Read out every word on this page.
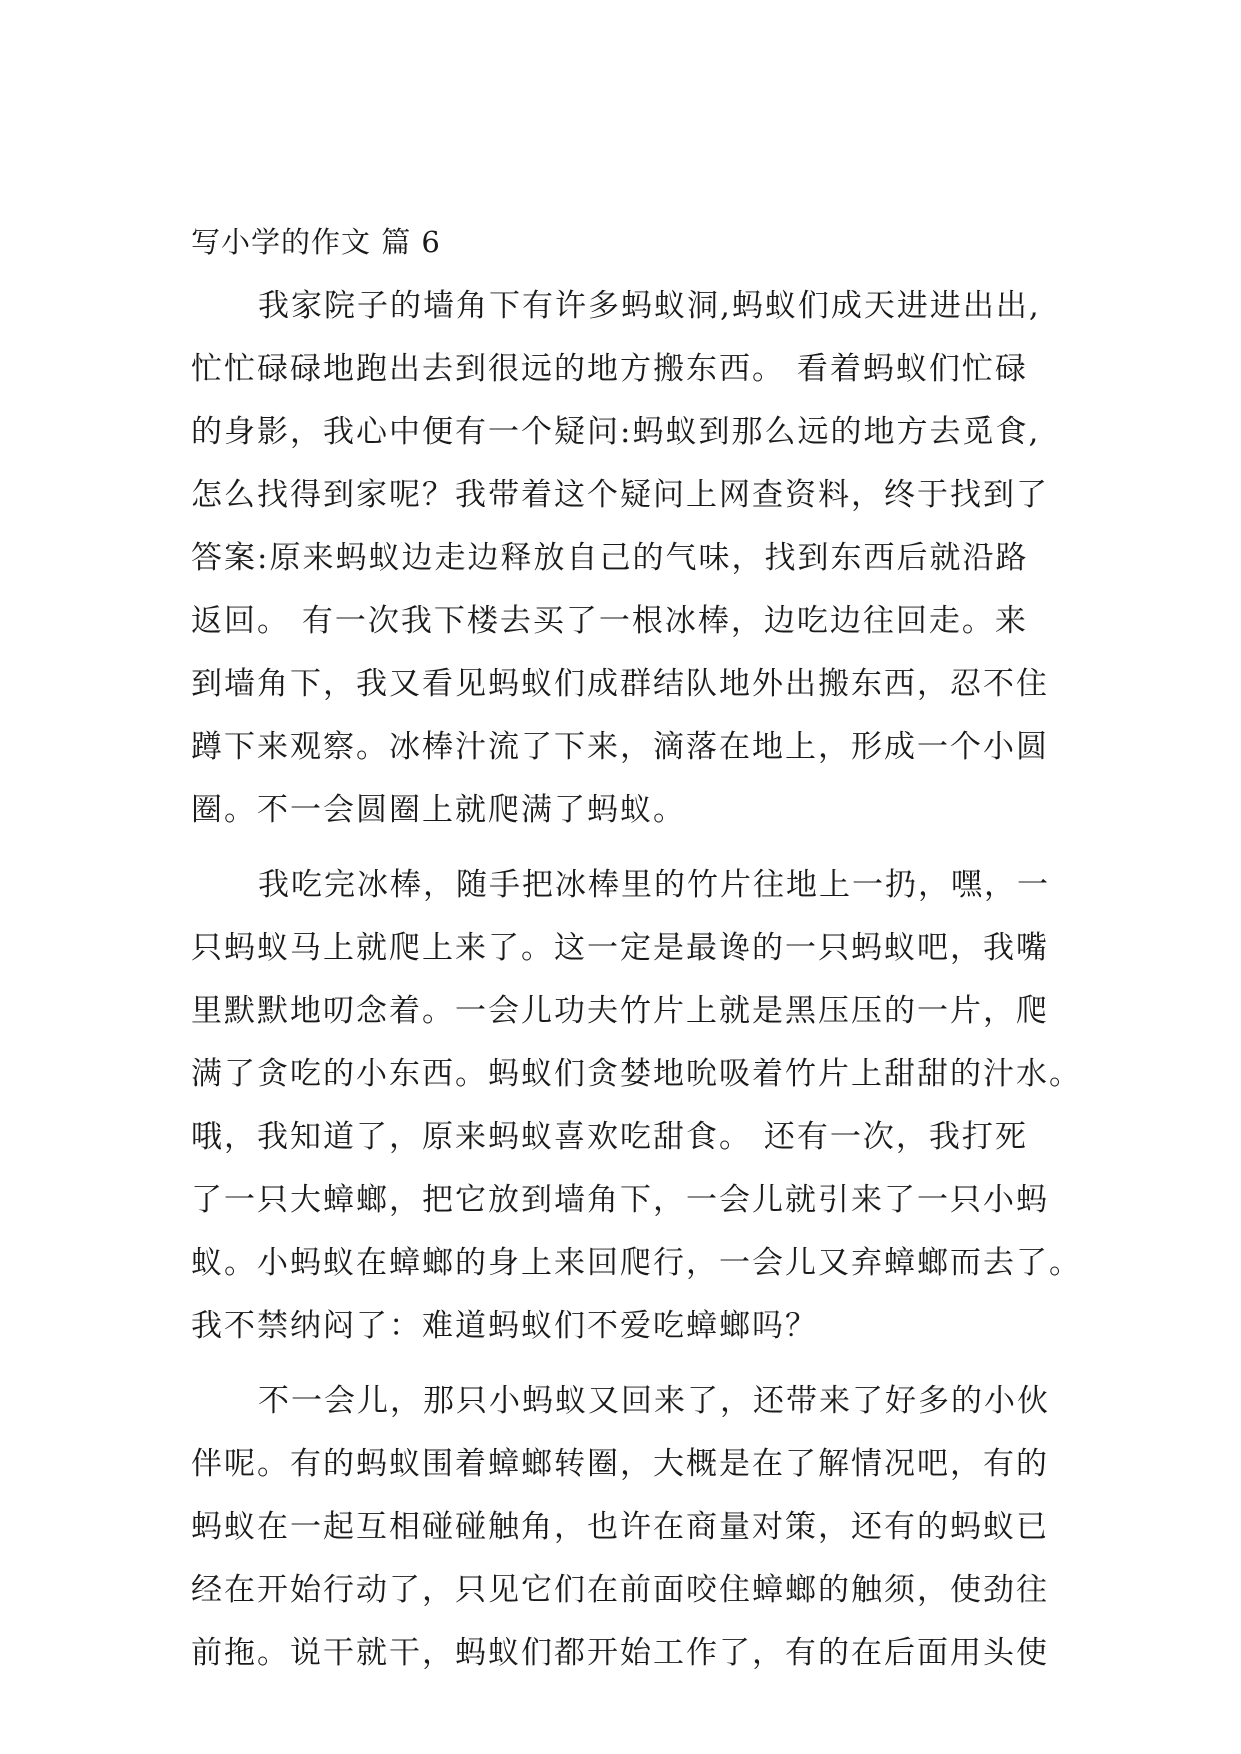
写小学的作文 篇 6
我家院子的墙角下有许多蚂蚁洞,蚂蚁们成天进进出出,
忙忙碌碌地跑出去到很远的地方搬东西。 看着蚂蚁们忙碌
的身影，我心中便有一个疑问:蚂蚁到那么远的地方去觅食,
怎么找得到家呢？我带着这个疑问上网查资料，终于找到了
答案:原来蚂蚁边走边释放自己的气味，找到东西后就沿路
返回。 有一次我下楼去买了一根冰棒，边吃边往回走。来
到墙角下，我又看见蚂蚁们成群结队地外出搬东西，忍不住
蹲下来观察。冰棒汁流了下来，滴落在地上，形成一个小圆
圈。不一会圆圈上就爬满了蚂蚁。
我吃完冰棒，随手把冰棒里的竹片往地上一扔，嘿，一
只蚂蚁马上就爬上来了。这一定是最谗的一只蚂蚁吧，我嘴
里默默地叨念着。一会儿功夫竹片上就是黑压压的一片，爬
满了贪吃的小东西。蚂蚁们贪婪地吮吸着竹片上甜甜的汁水。
哦，我知道了，原来蚂蚁喜欢吃甜食。 还有一次，我打死
了一只大蟑螂，把它放到墙角下，一会儿就引来了一只小蚂
蚁。小蚂蚁在蟑螂的身上来回爬行，一会儿又弃蟑螂而去了。
我不禁纳闷了：难道蚂蚁们不爱吃蟑螂吗？
不一会儿，那只小蚂蚁又回来了，还带来了好多的小伙
伴呢。有的蚂蚁围着蟑螂转圈，大概是在了解情况吧，有的
蚂蚁在一起互相碰碰触角，也许在商量对策，还有的蚂蚁已
经在开始行动了，只见它们在前面咬住蟑螂的触须，使劲往
前拖。说干就干，蚂蚁们都开始工作了，有的在后面用头使
